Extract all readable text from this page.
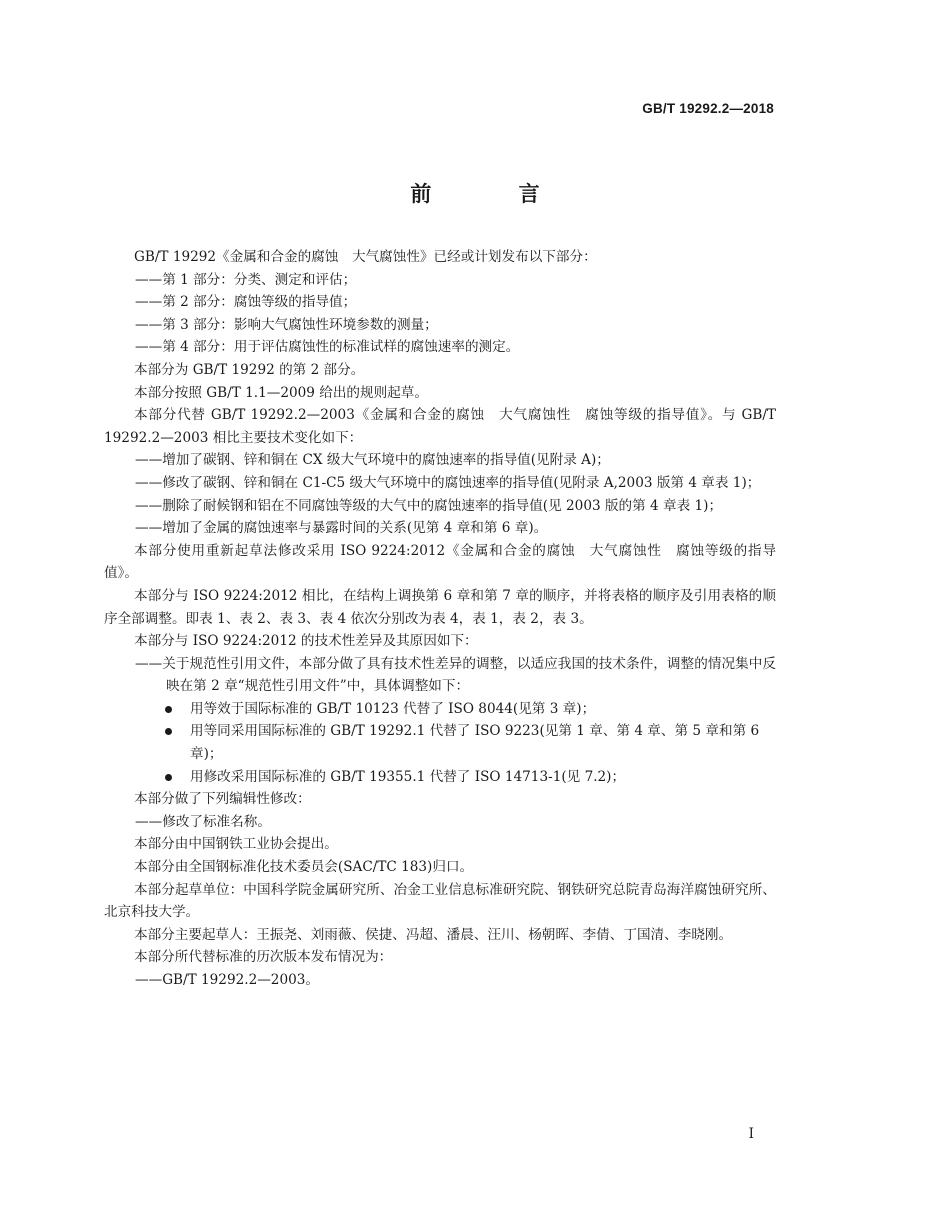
GB/T 19292.2—2018
前 言

GB/T 19292《金属和合金的腐蚀　大气腐蚀性》已经或计划发布以下部分：

——第 1 部分：分类、测定和评估；

——第 2 部分：腐蚀等级的指导值；

——第 3 部分：影响大气腐蚀性环境参数的测量；

——第 4 部分：用于评估腐蚀性的标准试样的腐蚀速率的测定。

本部分为 GB/T 19292 的第 2 部分。

本部分按照 GB/T 1.1—2009 给出的规则起草。

本部分代替 GB/T 19292.2—2003《金属和合金的腐蚀　大气腐蚀性　腐蚀等级的指导值》。与 GB/T 19292.2—2003 相比主要技术变化如下：

——增加了碳钢、锌和铜在 CX 级大气环境中的腐蚀速率的指导值(见附录 A)；

——修改了碳钢、锌和铜在 C1-C5 级大气环境中的腐蚀速率的指导值(见附录 A,2003 版第 4 章表 1)；

——删除了耐候钢和铝在不同腐蚀等级的大气中的腐蚀速率的指导值(见 2003 版的第 4 章表 1)；

——增加了金属的腐蚀速率与暴露时间的关系(见第 4 章和第 6 章)。

本部分使用重新起草法修改采用 ISO 9224:2012《金属和合金的腐蚀　大气腐蚀性　腐蚀等级的指导值》。

本部分与 ISO 9224:2012 相比，在结构上调换第 6 章和第 7 章的顺序，并将表格的顺序及引用表格的顺序全部调整。即表 1、表 2、表 3、表 4 依次分别改为表 4，表 1，表 2，表 3。

本部分与 ISO 9224:2012 的技术性差异及其原因如下：

——关于规范性引用文件，本部分做了具有技术性差异的调整，以适应我国的技术条件，调整的情况集中反映在第 2 章“规范性引用文件”中，具体调整如下：

用等效于国际标准的 GB/T 10123 代替了 ISO 8044(见第 3 章)；
用等同采用国际标准的 GB/T 19292.1 代替了 ISO 9223(见第 1 章、第 4 章、第 5 章和第 6 章)；
用修改采用国际标准的 GB/T 19355.1 代替了 ISO 14713-1(见 7.2)；

本部分做了下列编辑性修改：

——修改了标准名称。

本部分由中国钢铁工业协会提出。

本部分由全国钢标准化技术委员会(SAC/TC 183)归口。

本部分起草单位：中国科学院金属研究所、冶金工业信息标准研究院、钢铁研究总院青岛海洋腐蚀研究所、北京科技大学。

本部分主要起草人：王振尧、刘雨薇、侯捷、冯超、潘晨、汪川、杨朝晖、李倩、丁国清、李晓刚。

本部分所代替标准的历次版本发布情况为：

——GB/T 19292.2—2003。

I
